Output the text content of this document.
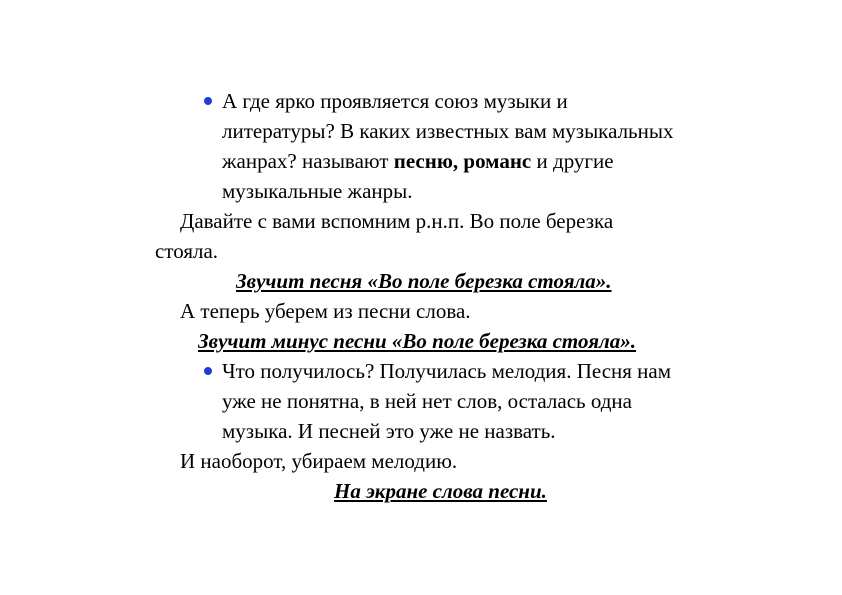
А где ярко проявляется союз музыки и

литературы? В каких известных вам музыкальных

жанрах? называют песню, романс и другие

музыкальные жанры.

Давайте с вами вспомним р.н.п. Во поле березка

стояла.

Звучит песня «Во поле березка стояла».

А теперь уберем из песни слова.

Звучит минус песни «Во поле березка стояла».

Что получилось? Получилась мелодия. Песня нам

уже не понятна, в ней нет слов, осталась одна

музыка. И песней это уже не назвать.

И наоборот, убираем мелодию.

На экране слова песни.
